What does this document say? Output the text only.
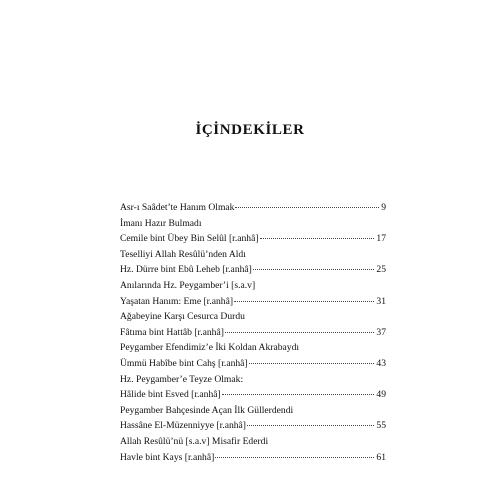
İÇİNDEKİLER
Asr-ı Saâdet’te Hanım Olmak	9
İmanı Hazır Bulmadı
Cemile bint Übey Bin Selûl [r.anhâ]	17
Teselliyi Allah Resûlü’nden Aldı
Hz. Dürre bint Ebû Leheb [r.anhâ]	25
Anılarında Hz. Peygamber’i [s.a.v]
Yaşatan Hanım: Eme [r.anhâ]	31
Ağabeyine Karşı Cesurca Durdu
Fâtıma bint Hattâb [r.anhâ]	37
Peygamber Efendimiz’e İki Koldan Akrabaydı
Ümmü Habîbe bint Cahş [r.anhâ]	43
Hz. Peygamber’e Teyze Olmak:
Hâlide bint Esved [r.anhâ]	49
Peygamber Bahçesinde Açan İlk Güllerdendi
Hassâne El-Müzenniyye [r.anhâ]	55
Allah Resûlü’nü [s.a.v] Misafir Ederdi
Havle bint Kays [r.anhâ]	61
